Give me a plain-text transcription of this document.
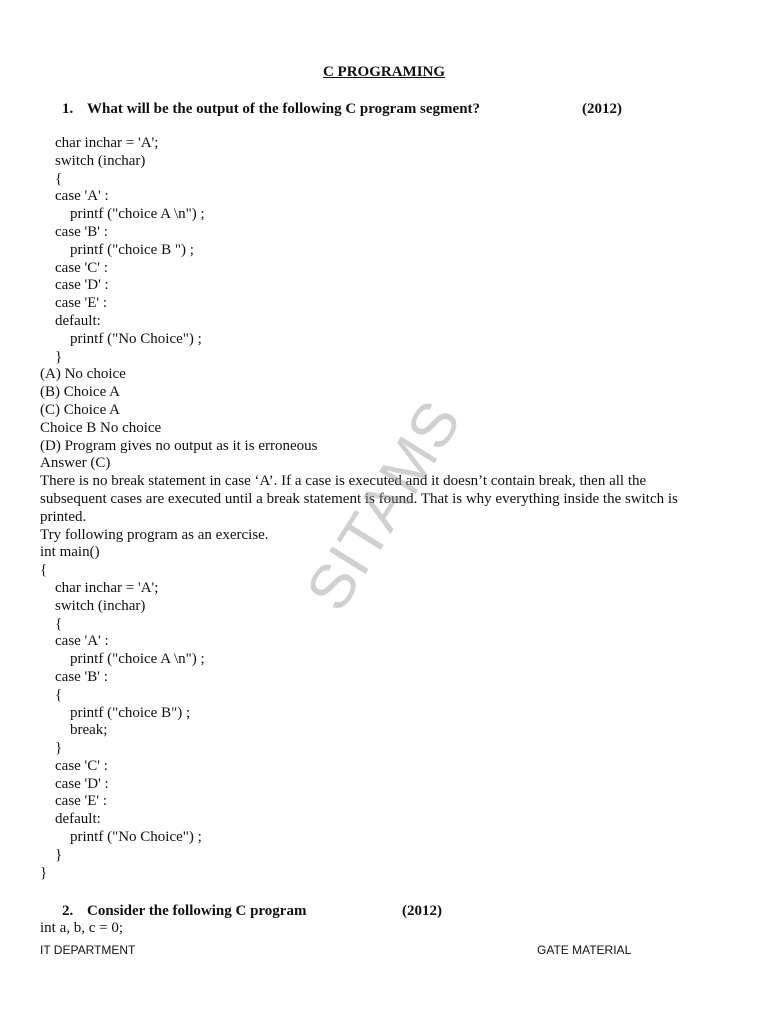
C PROGRAMING
1. What will be the output of the following C program segment?	(2012)
char inchar = 'A';
switch (inchar)
{
case 'A' :
printf ("choice A \n") ;
case 'B' :
printf ("choice B ") ;
case 'C' :
case 'D' :
case 'E' :
default:
printf ("No Choice") ;
}
(A) No choice
(B) Choice A
(C) Choice A
Choice B No choice
(D) Program gives no output as it is erroneous
Answer (C)
There is no break statement in case ‘A’. If a case is executed and it doesn’t contain break, then all the subsequent cases are executed until a break statement is found. That is why everything inside the switch is printed.
Try following program as an exercise.
int main()
{
char inchar = 'A';
switch (inchar)
{
case 'A' :
printf ("choice A \n") ;
case 'B' :
{
printf ("choice B") ;
break;
}
case 'C' :
case 'D' :
case 'E' :
default:
printf ("No Choice") ;
}
}
2. Consider the following C program	(2012)
int a, b, c = 0;
IT DEPARTMENT	GATE MATERIAL
SITAMS
